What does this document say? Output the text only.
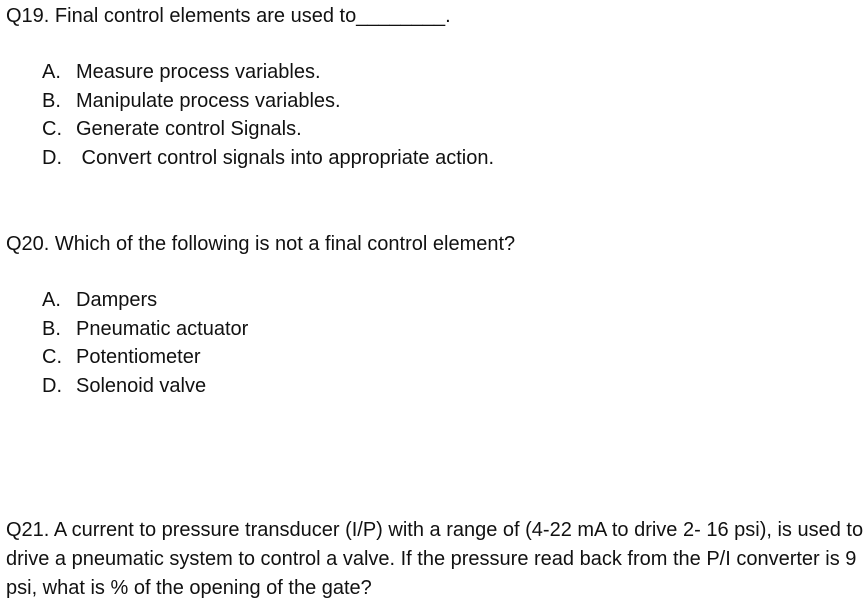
Q19. Final control elements are used to________.

A. Measure process variables.
B. Manipulate process variables.
C. Generate control Signals.
D. Convert control signals into appropriate action.

Q20. Which of the following is not a final control element?

A. Dampers
B. Pneumatic actuator
C. Potentiometer
D. Solenoid valve

Q21. A current to pressure transducer (I/P) with a range of (4-22 mA to drive 2- 16 psi), is used to drive a pneumatic system to control a valve. If the pressure read back from the P/I converter is 9 psi, what is % of the opening of the gate?
